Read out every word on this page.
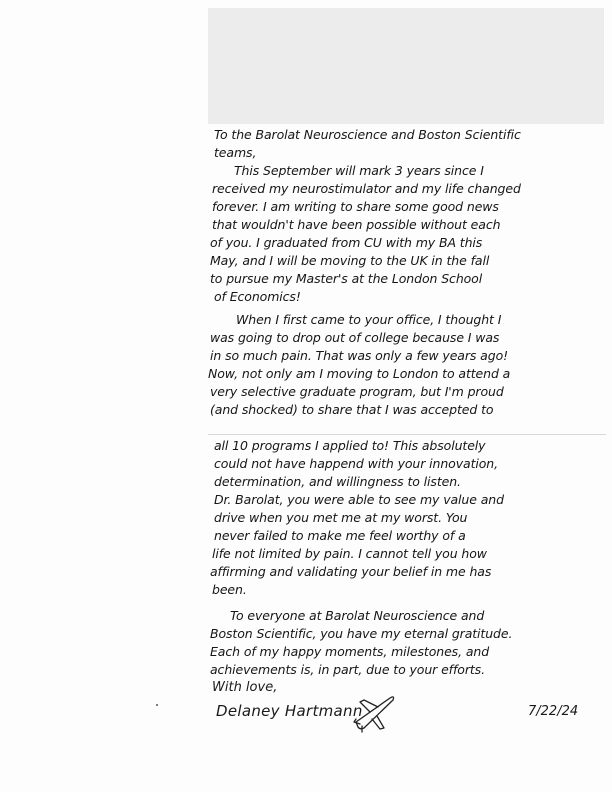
To the Barolat Neuroscience and Boston Scientific
teams,
This September will mark 3 years since I
received my neurostimulator and my life changed
forever. I am writing to share some good news
that wouldn't have been possible without each
of you. I graduated from CU with my BA this
May, and I will be moving to the UK in the fall
to pursue my Master's at the London School
of Economics!
When I first came to your office, I thought I
was going to drop out of college because I was
in so much pain. That was only a few years ago!
Now, not only am I moving to London to attend a
very selective graduate program, but I'm proud
(and shocked) to share that I was accepted to
all 10 programs I applied to! This absolutely
could not have happend with your innovation,
determination, and willingness to listen.
Dr. Barolat, you were able to see my value and
drive when you met me at my worst. You
never failed to make me feel worthy of a
life not limited by pain. I cannot tell you how
affirming and validating your belief in me has
been.
To everyone at Barolat Neuroscience and
Boston Scientific, you have my eternal gratitude.
Each of my happy moments, milestones, and
achievements is, in part, due to your efforts.
With love,
Delaney Hartmann	7/22/24
